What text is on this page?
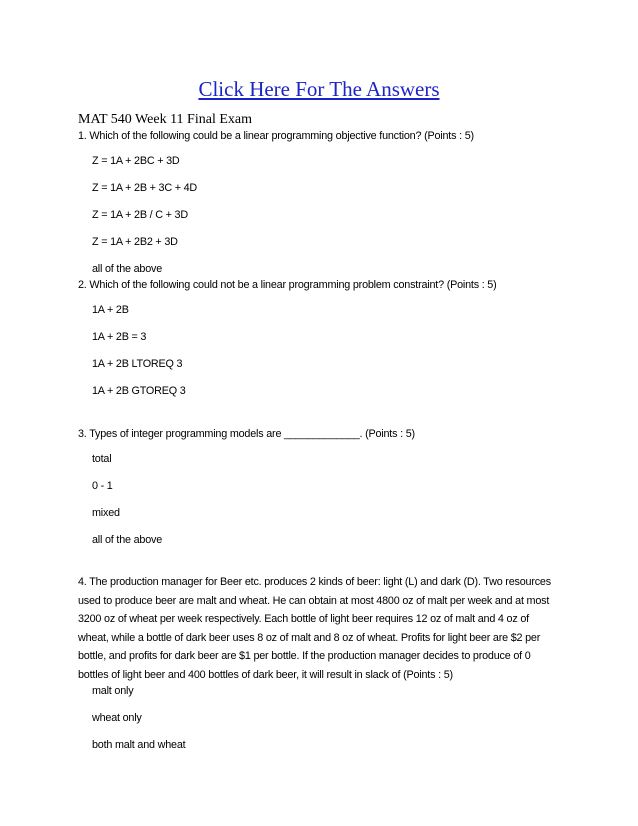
Click Here For The Answers
MAT 540 Week 11 Final Exam
1. Which of the following could be a linear programming objective function? (Points : 5)
Z = 1A + 2BC + 3D
Z = 1A + 2B + 3C + 4D
Z = 1A + 2B / C + 3D
Z = 1A + 2B2 + 3D
all of the above
2. Which of the following could not be a linear programming problem constraint? (Points : 5)
1A + 2B
1A + 2B = 3
1A + 2B LTOREQ 3
1A + 2B GTOREQ 3
3. Types of integer programming models are _____________. (Points : 5)
total
0 - 1
mixed
all of the above
4. The production manager for Beer etc. produces 2 kinds of beer: light (L) and dark (D). Two resources
used to produce beer are malt and wheat. He can obtain at most 4800 oz of malt per week and at most
3200 oz of wheat per week respectively. Each bottle of light beer requires 12 oz of malt and 4 oz of
wheat, while a bottle of dark beer uses 8 oz of malt and 8 oz of wheat. Profits for light beer are $2 per
bottle, and profits for dark beer are $1 per bottle. If the production manager decides to produce of 0
bottles of light beer and 400 bottles of dark beer, it will result in slack of (Points : 5)
malt only
wheat only
both malt and wheat
